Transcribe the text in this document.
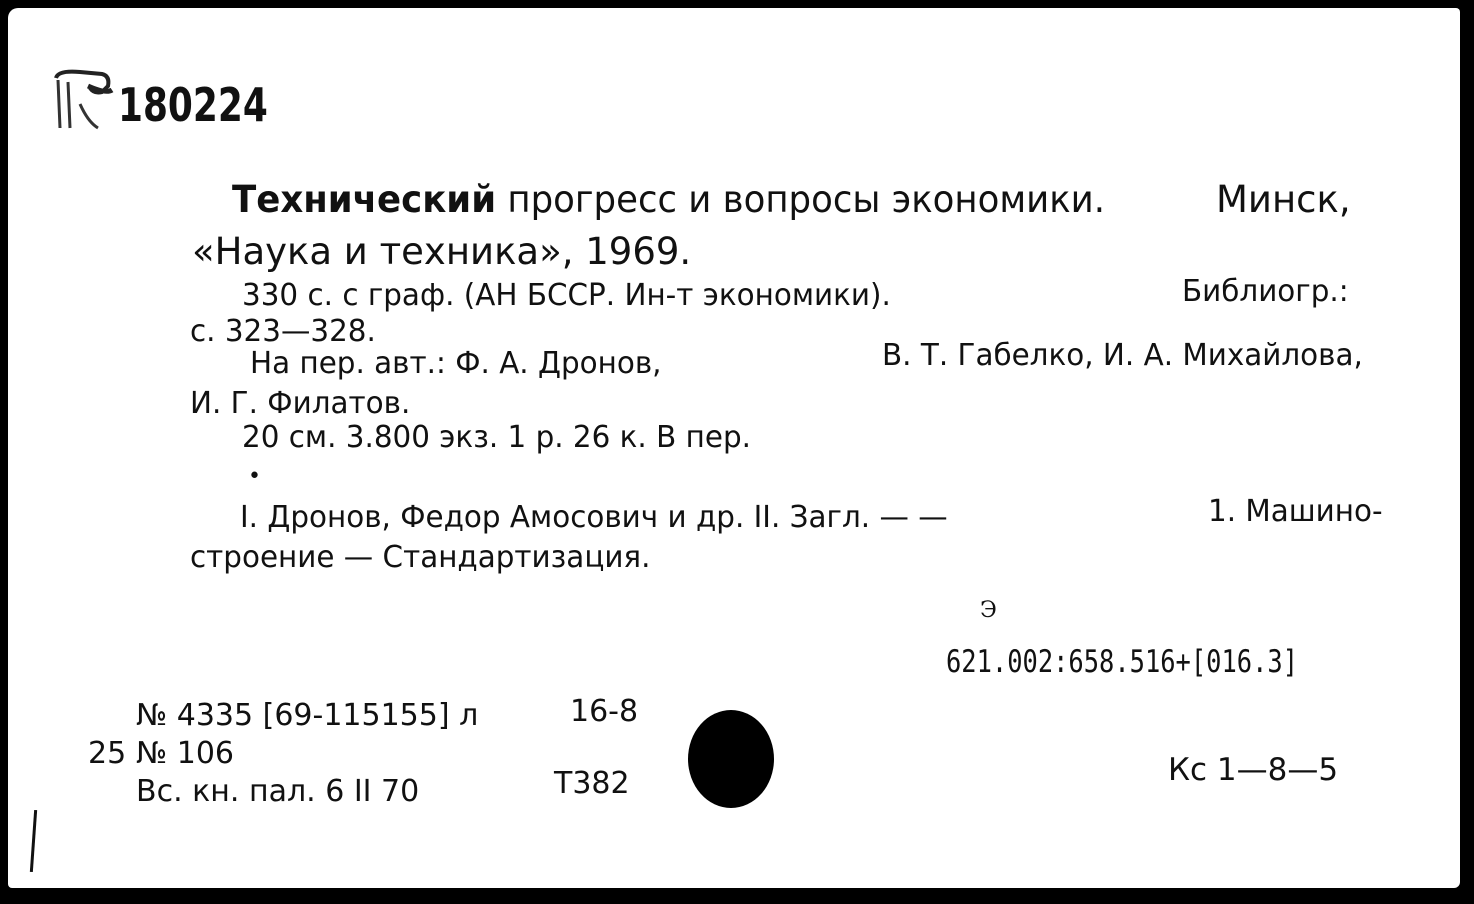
180224
Технический прогресс и вопросы экономики.	Минск,
«Наука и техника», 1969.
330 с. с граф. (АН БССР. Ин-т экономики).	Библиогр.:
с. 323—328.
На пер. авт.: Ф. А. Дронов,	В. Т. Габелко, И. А. Михайлова,
И. Г. Филатов.
20 см. 3.800 экз. 1 р. 26 к. В пер.
•
I. Дронов, Федор Амосович и др. II. Загл. — —	1. Машино-
строение — Стандартизация.
Э
621.002:658.516+[016.3]
№ 4335 [69-115155] л	16-8
25 № 106
Вс. кн. пал. 6 II 70	Т382	Кс 1—8—5
